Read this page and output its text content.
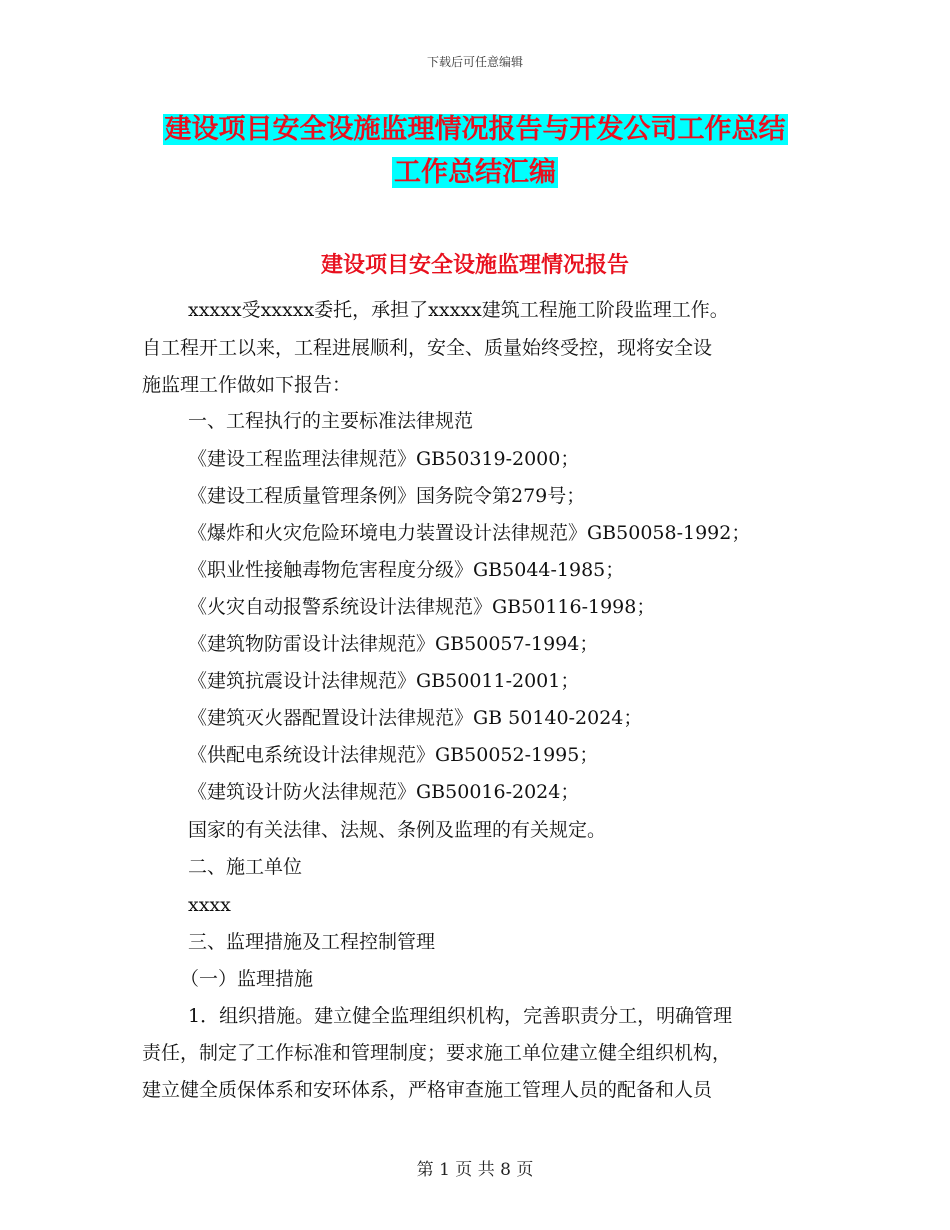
下载后可任意编辑
建设项目安全设施监理情况报告与开发公司工作总结
工作总结汇编
建设项目安全设施监理情况报告
xxxxx受xxxxx委托，承担了xxxxx建筑工程施工阶段监理工作。
自工程开工以来，工程进展顺利，安全、质量始终受控，现将安全设
施监理工作做如下报告：
一、工程执行的主要标准法律规范
《建设工程监理法律规范》GB50319-2000；
《建设工程质量管理条例》国务院令第279号；
《爆炸和火灾危险环境电力装置设计法律规范》GB50058-1992；
《职业性接触毒物危害程度分级》GB5044-1985；
《火灾自动报警系统设计法律规范》GB50116-1998；
《建筑物防雷设计法律规范》GB50057-1994；
《建筑抗震设计法律规范》GB50011-2001；
《建筑灭火器配置设计法律规范》GB 50140-2024；
《供配电系统设计法律规范》GB50052-1995；
《建筑设计防火法律规范》GB50016-2024；
国家的有关法律、法规、条例及监理的有关规定。
二、施工单位
xxxx
三、监理措施及工程控制管理
（一）监理措施
1．组织措施。建立健全监理组织机构，完善职责分工，明确管理
责任，制定了工作标准和管理制度；要求施工单位建立健全组织机构，
建立健全质保体系和安环体系，严格审查施工管理人员的配备和人员
第 1 页 共 8 页
